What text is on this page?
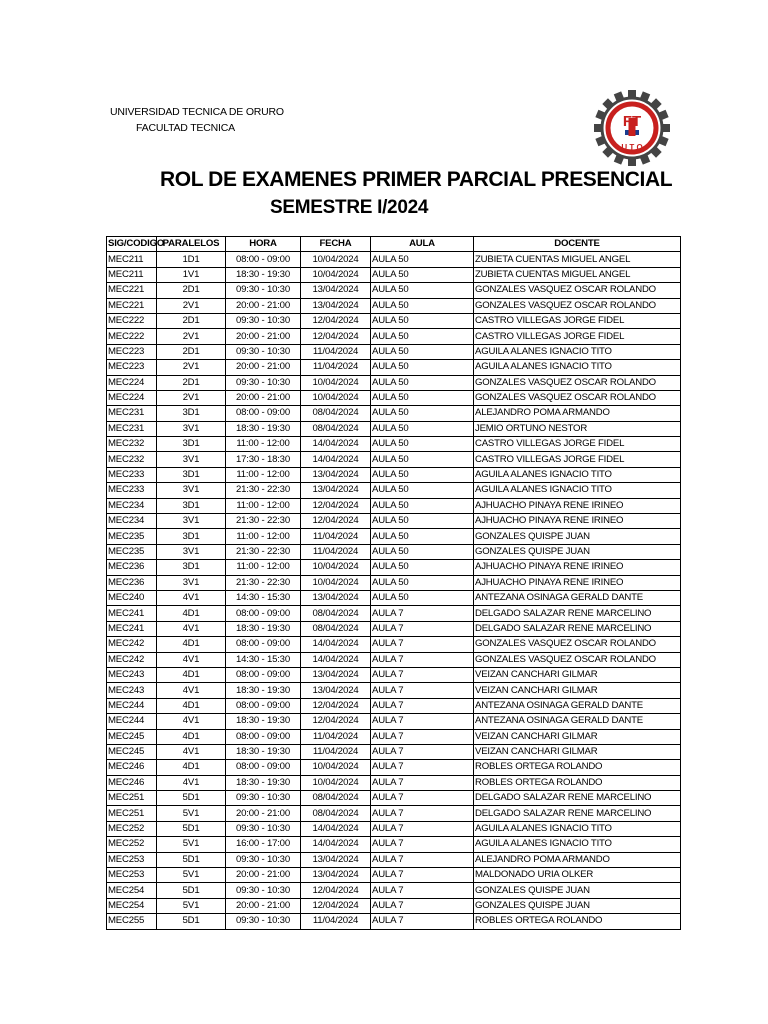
UNIVERSIDAD TECNICA DE ORURO
FACULTAD TECNICA	FT
U T O
ROL DE EXAMENES PRIMER PARCIAL PRESENCIAL
SEMESTRE I/2024
SIG/CODIGO	PARALELOS	HORA	FECHA	AULA	DOCENTE
MEC211	1D1	08:00 - 09:00	10/04/2024	AULA 50	ZUBIETA CUENTAS MIGUEL ANGEL
MEC211	1V1	18:30 - 19:30	10/04/2024	AULA 50	ZUBIETA CUENTAS MIGUEL ANGEL
MEC221	2D1	09:30 - 10:30	13/04/2024	AULA 50	GONZALES VASQUEZ OSCAR ROLANDO
MEC221	2V1	20:00 - 21:00	13/04/2024	AULA 50	GONZALES VASQUEZ OSCAR ROLANDO
MEC222	2D1	09:30 - 10:30	12/04/2024	AULA 50	CASTRO VILLEGAS JORGE FIDEL
MEC222	2V1	20:00 - 21:00	12/04/2024	AULA 50	CASTRO VILLEGAS JORGE FIDEL
MEC223	2D1	09:30 - 10:30	11/04/2024	AULA 50	AGUILA ALANES IGNACIO TITO
MEC223	2V1	20:00 - 21:00	11/04/2024	AULA 50	AGUILA ALANES IGNACIO TITO
MEC224	2D1	09:30 - 10:30	10/04/2024	AULA 50	GONZALES VASQUEZ OSCAR ROLANDO
MEC224	2V1	20:00 - 21:00	10/04/2024	AULA 50	GONZALES VASQUEZ OSCAR ROLANDO
MEC231	3D1	08:00 - 09:00	08/04/2024	AULA 50	ALEJANDRO POMA ARMANDO
MEC231	3V1	18:30 - 19:30	08/04/2024	AULA 50	JEMIO ORTUNO NESTOR
MEC232	3D1	11:00 - 12:00	14/04/2024	AULA 50	CASTRO VILLEGAS JORGE FIDEL
MEC232	3V1	17:30 - 18:30	14/04/2024	AULA 50	CASTRO VILLEGAS JORGE FIDEL
MEC233	3D1	11:00 - 12:00	13/04/2024	AULA 50	AGUILA ALANES IGNACIO TITO
MEC233	3V1	21:30 - 22:30	13/04/2024	AULA 50	AGUILA ALANES IGNACIO TITO
MEC234	3D1	11:00 - 12:00	12/04/2024	AULA 50	AJHUACHO PINAYA RENE IRINEO
MEC234	3V1	21:30 - 22:30	12/04/2024	AULA 50	AJHUACHO PINAYA RENE IRINEO
MEC235	3D1	11:00 - 12:00	11/04/2024	AULA 50	GONZALES QUISPE JUAN
MEC235	3V1	21:30 - 22:30	11/04/2024	AULA 50	GONZALES QUISPE JUAN
MEC236	3D1	11:00 - 12:00	10/04/2024	AULA 50	AJHUACHO PINAYA RENE IRINEO
MEC236	3V1	21:30 - 22:30	10/04/2024	AULA 50	AJHUACHO PINAYA RENE IRINEO
MEC240	4V1	14:30 - 15:30	13/04/2024	AULA 50	ANTEZANA OSINAGA GERALD DANTE
MEC241	4D1	08:00 - 09:00	08/04/2024	AULA 7	DELGADO SALAZAR RENE MARCELINO
MEC241	4V1	18:30 - 19:30	08/04/2024	AULA 7	DELGADO SALAZAR RENE MARCELINO
MEC242	4D1	08:00 - 09:00	14/04/2024	AULA 7	GONZALES VASQUEZ OSCAR ROLANDO
MEC242	4V1	14:30 - 15:30	14/04/2024	AULA 7	GONZALES VASQUEZ OSCAR ROLANDO
MEC243	4D1	08:00 - 09:00	13/04/2024	AULA 7	VEIZAN CANCHARI GILMAR
MEC243	4V1	18:30 - 19:30	13/04/2024	AULA 7	VEIZAN CANCHARI GILMAR
MEC244	4D1	08:00 - 09:00	12/04/2024	AULA 7	ANTEZANA OSINAGA GERALD DANTE
MEC244	4V1	18:30 - 19:30	12/04/2024	AULA 7	ANTEZANA OSINAGA GERALD DANTE
MEC245	4D1	08:00 - 09:00	11/04/2024	AULA 7	VEIZAN CANCHARI GILMAR
MEC245	4V1	18:30 - 19:30	11/04/2024	AULA 7	VEIZAN CANCHARI GILMAR
MEC246	4D1	08:00 - 09:00	10/04/2024	AULA 7	ROBLES ORTEGA ROLANDO
MEC246	4V1	18:30 - 19:30	10/04/2024	AULA 7	ROBLES ORTEGA ROLANDO
MEC251	5D1	09:30 - 10:30	08/04/2024	AULA 7	DELGADO SALAZAR RENE MARCELINO
MEC251	5V1	20:00 - 21:00	08/04/2024	AULA 7	DELGADO SALAZAR RENE MARCELINO
MEC252	5D1	09:30 - 10:30	14/04/2024	AULA 7	AGUILA ALANES IGNACIO TITO
MEC252	5V1	16:00 - 17:00	14/04/2024	AULA 7	AGUILA ALANES IGNACIO TITO
MEC253	5D1	09:30 - 10:30	13/04/2024	AULA 7	ALEJANDRO POMA ARMANDO
MEC253	5V1	20:00 - 21:00	13/04/2024	AULA 7	MALDONADO URIA OLKER
MEC254	5D1	09:30 - 10:30	12/04/2024	AULA 7	GONZALES QUISPE JUAN
MEC254	5V1	20:00 - 21:00	12/04/2024	AULA 7	GONZALES QUISPE JUAN
MEC255	5D1	09:30 - 10:30	11/04/2024	AULA 7	ROBLES ORTEGA ROLANDO
